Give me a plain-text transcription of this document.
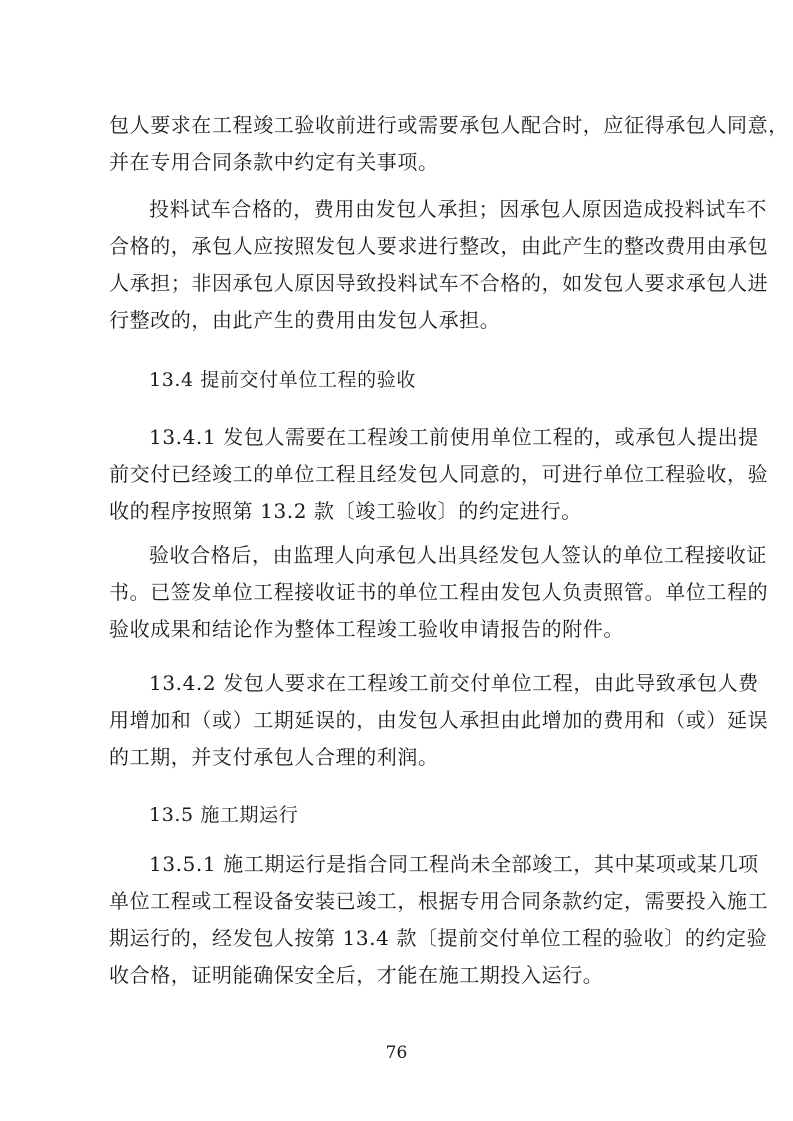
包人要求在工程竣工验收前进行或需要承包人配合时，应征得承包人同意，
并在专用合同条款中约定有关事项。
投料试车合格的，费用由发包人承担；因承包人原因造成投料试车不
合格的，承包人应按照发包人要求进行整改，由此产生的整改费用由承包
人承担；非因承包人原因导致投料试车不合格的，如发包人要求承包人进
行整改的，由此产生的费用由发包人承担。

13.4 提前交付单位工程的验收

13.4.1 发包人需要在工程竣工前使用单位工程的，或承包人提出提
前交付已经竣工的单位工程且经发包人同意的，可进行单位工程验收，验
收的程序按照第 13.2 款〔竣工验收〕的约定进行。
验收合格后，由监理人向承包人出具经发包人签认的单位工程接收证
书。已签发单位工程接收证书的单位工程由发包人负责照管。单位工程的
验收成果和结论作为整体工程竣工验收申请报告的附件。
13.4.2 发包人要求在工程竣工前交付单位工程，由此导致承包人费
用增加和（或）工期延误的，由发包人承担由此增加的费用和（或）延误
的工期，并支付承包人合理的利润。

13.5 施工期运行

13.5.1 施工期运行是指合同工程尚未全部竣工，其中某项或某几项
单位工程或工程设备安装已竣工，根据专用合同条款约定，需要投入施工
期运行的，经发包人按第 13.4 款〔提前交付单位工程的验收〕的约定验
收合格，证明能确保安全后，才能在施工期投入运行。

76
